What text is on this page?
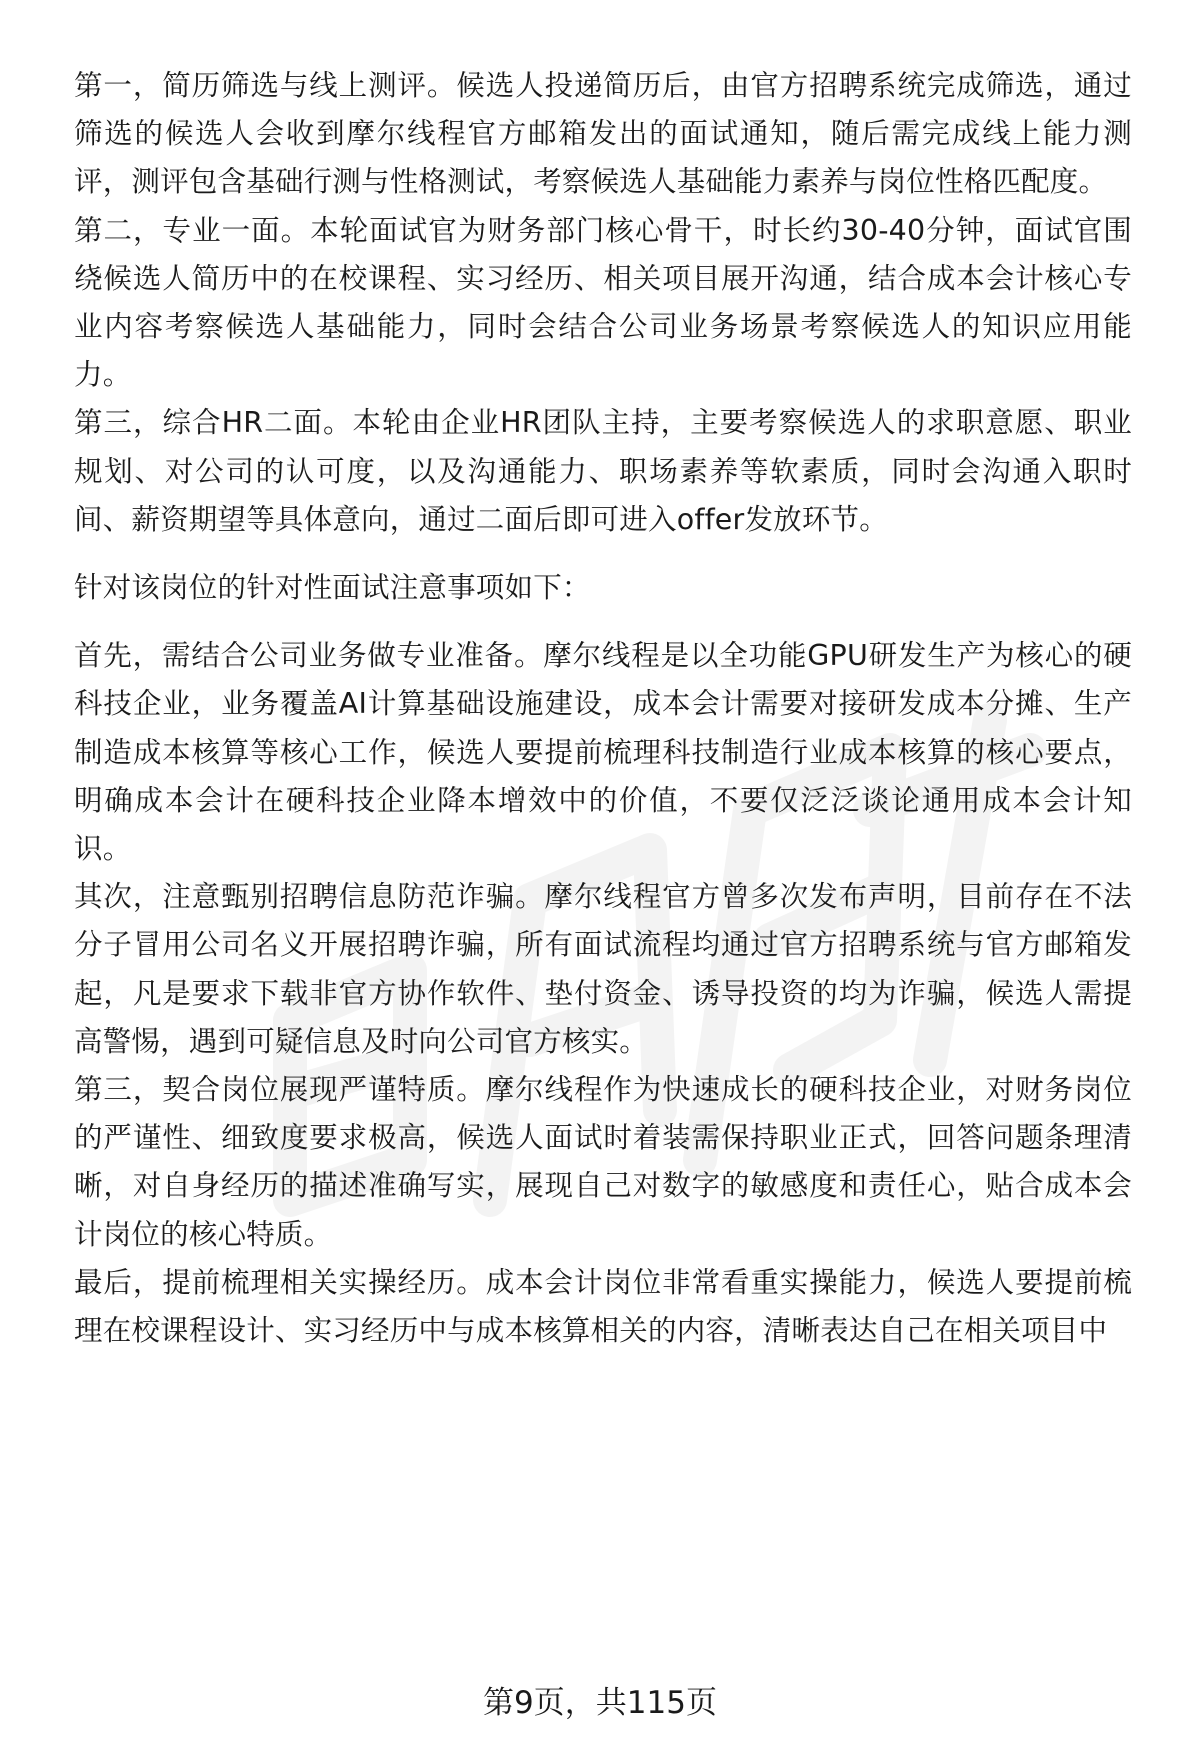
第一，简历筛选与线上测评。候选人投递简历后，由官方招聘系统完成筛选，通过筛选的候选人会收到摩尔线程官方邮箱发出的面试通知，随后需完成线上能力测评，测评包含基础行测与性格测试，考察候选人基础能力素养与岗位性格匹配度。

第二，专业一面。本轮面试官为财务部门核心骨干，时长约30-40分钟，面试官围绕候选人简历中的在校课程、实习经历、相关项目展开沟通，结合成本会计核心专业内容考察候选人基础能力，同时会结合公司业务场景考察候选人的知识应用能力。

第三，综合HR二面。本轮由企业HR团队主持，主要考察候选人的求职意愿、职业规划、对公司的认可度，以及沟通能力、职场素养等软素质，同时会沟通入职时间、薪资期望等具体意向，通过二面后即可进入offer发放环节。

针对该岗位的针对性面试注意事项如下：

首先，需结合公司业务做专业准备。摩尔线程是以全功能GPU研发生产为核心的硬科技企业，业务覆盖AI计算基础设施建设，成本会计需要对接研发成本分摊、生产制造成本核算等核心工作，候选人要提前梳理科技制造行业成本核算的核心要点，明确成本会计在硬科技企业降本增效中的价值，不要仅泛泛谈论通用成本会计知识。

其次，注意甄别招聘信息防范诈骗。摩尔线程官方曾多次发布声明，目前存在不法分子冒用公司名义开展招聘诈骗，所有面试流程均通过官方招聘系统与官方邮箱发起，凡是要求下载非官方协作软件、垫付资金、诱导投资的均为诈骗，候选人需提高警惕，遇到可疑信息及时向公司官方核实。

第三，契合岗位展现严谨特质。摩尔线程作为快速成长的硬科技企业，对财务岗位的严谨性、细致度要求极高，候选人面试时着装需保持职业正式，回答问题条理清晰，对自身经历的描述准确写实，展现自己对数字的敏感度和责任心，贴合成本会计岗位的核心特质。

最后，提前梳理相关实操经历。成本会计岗位非常看重实操能力，候选人要提前梳理在校课程设计、实习经历中与成本核算相关的内容，清晰表达自己在相关项目中

第9页，共115页
